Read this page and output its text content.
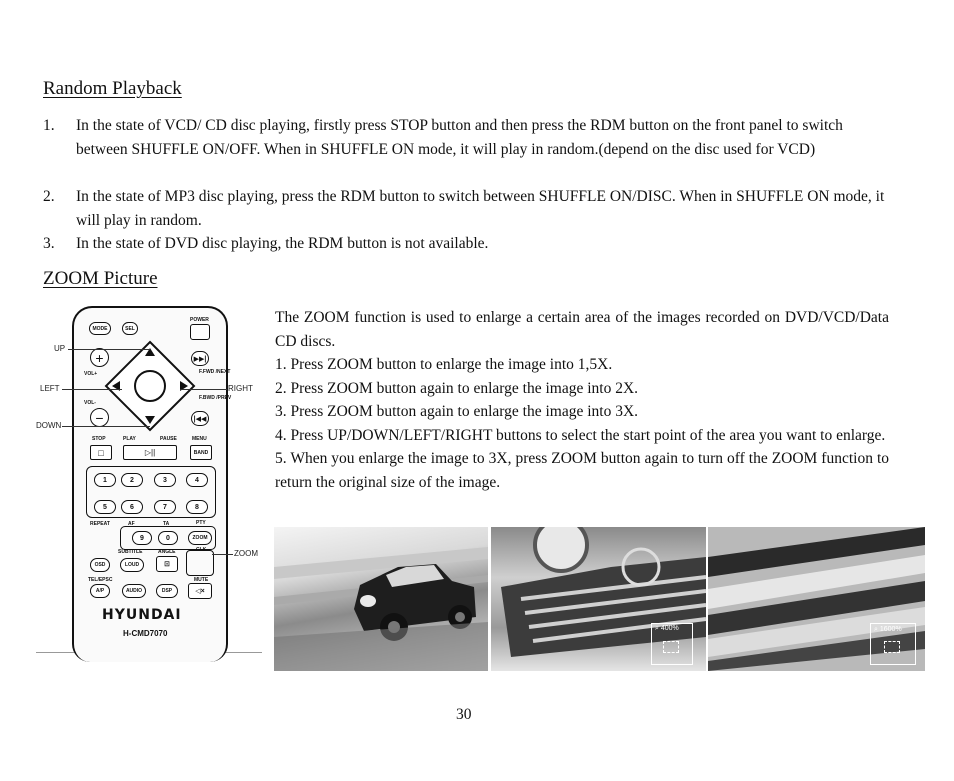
Random Playback
1. In the state of VCD/ CD disc playing, firstly press STOP button and then press the RDM button on the front panel to switch between SHUFFLE ON/OFF. When in SHUFFLE ON mode, it will play in random.(depend on the disc used for VCD)
2. In the state of MP3 disc playing, press the RDM button to switch between SHUFFLE ON/DISC. When in SHUFFLE ON mode, it will play in random.
3. In the state of DVD disc playing, the RDM button is not available.
ZOOM Picture

The ZOOM function is used to enlarge a certain area of the images recorded on DVD/VCD/Data CD discs.

1. Press ZOOM button to enlarge the image into 1,5X.

2. Press ZOOM button again to enlarge the image into 2X.

3. Press ZOOM button again to enlarge the image into 3X.

4. Press UP/DOWN/LEFT/RIGHT buttons to select the start point of the area you want to enlarge.

5. When you enlarge the image to 3X, press ZOOM button again to turn off the ZOOM function to return the original size of the image.

MODE	SEL
POWER
+
VOL+
VOL-
−
▶▶|
F.FWD /NEXT
F.BWD /PREV
|◀◀
STOP	PLAY	PAUSE	MENU
□	▷||	BAND
1	2	3	4
5	6	7	8
REPEAT	AF	TA	PTY
9	0	ZOOM
SUBTITLE	ANGLE	CLK
OSD	LOUD	⊡
TEL/EPSC	MUTE
A/P	AUDIO	DSP	◁×
HYUNDAI
H-CMD7070
UP
LEFT	RIGHT
DOWN
ZOOM
⌕ 400%	⌕ 1600%
30
